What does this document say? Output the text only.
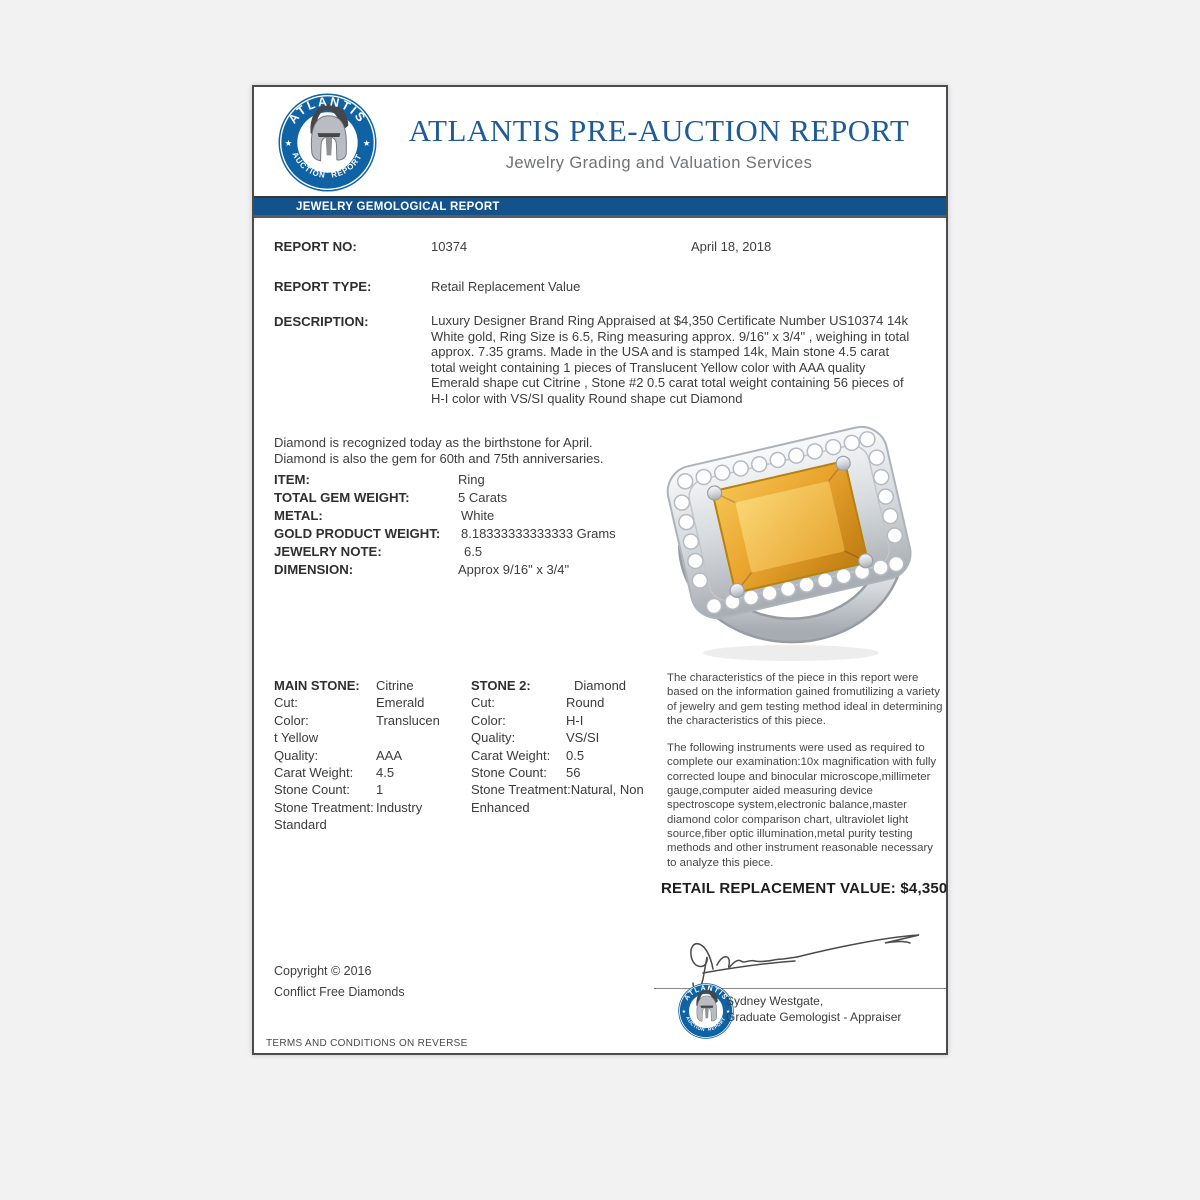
ATLANTIS PRE-AUCTION REPORT
Jewelry Grading and Valuation Services
JEWELRY GEMOLOGICAL REPORT
REPORT NO:	10374	April 18, 2018
REPORT TYPE:	Retail Replacement Value
DESCRIPTION:	Luxury Designer Brand Ring Appraised at $4,350 Certificate Number US10374 14k White gold, Ring Size is 6.5, Ring measuring approx. 9/16" x 3/4" , weighing in total approx. 7.35 grams. Made in the USA and is stamped 14k, Main stone 4.5 carat total weight containing 1 pieces of Translucent Yellow color with AAA quality Emerald shape cut Citrine , Stone #2 0.5 carat total weight containing 56 pieces of H-I color with VS/SI quality Round shape cut Diamond
Diamond is recognized today as the birthstone for April.
Diamond is also the gem for 60th and 75th anniversaries.
ITEM:	Ring
TOTAL GEM WEIGHT:	5 Carats
METAL:	White
GOLD PRODUCT WEIGHT: 8.18333333333333 Grams
JEWELRY NOTE:	6.5
DIMENSION:	Approx 9/16" x 3/4"
MAIN STONE: Citrine
Cut:	Emerald
Color:	Translucen
t Yellow
Quality:	AAA
Carat Weight: 4.5
Stone Count: 1
Stone Treatment: Industry
Standard
STONE 2:	Diamond
Cut:	Round
Color:	H-I
Quality:	VS/SI
Carat Weight: 0.5
Stone Count: 56
Stone Treatment:Natural, Non
Enhanced

The characteristics of the piece in this report were based on the information gained fromutilizing a variety of jewelry and gem testing method ideal in determining the characteristics of this piece.

The following instruments were used as required to complete our examination:10x magnification with fully corrected loupe and binocular microscope,millimeter gauge,computer aided measuring device spectroscope system,electronic balance,master diamond color comparison chart, ultraviolet light source,fiber optic illumination,metal purity testing methods and other instrument reasonable necessary to analyze this piece.

RETAIL REPLACEMENT VALUE: $4,350
Copyright © 2016
Conflict Free Diamonds
Sydney Westgate,
Graduate Gemologist - Appraiser
TERMS AND CONDITIONS ON REVERSE
